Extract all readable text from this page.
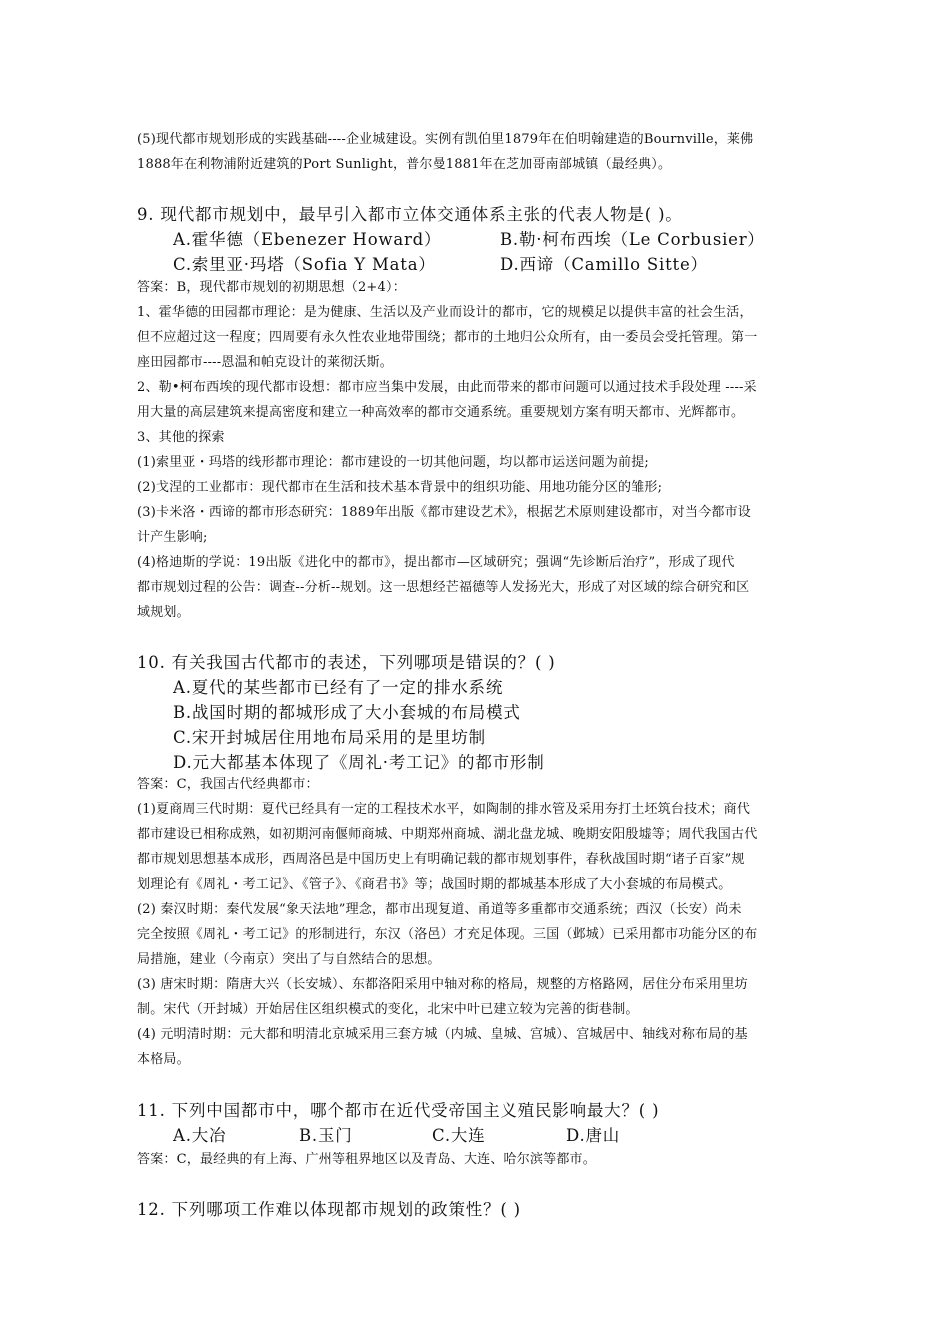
(5)现代都市规划形成的实践基础----企业城建设。实例有凯伯里1879年在伯明翰建造的Bournville，莱佛

1888年在利物浦附近建筑的Port Sunlight，普尔曼1881年在芝加哥南部城镇（最经典）。

9. 现代都市规划中，最早引入都市立体交通体系主张的代表人物是( )。

A.霍华德（Ebenezer Howard）	B.勒·柯布西埃（Le Corbusier）
C.索里亚·玛塔（Sofia Y Mata）	D.西谛（Camillo Sitte）

答案：B，现代都市规划的初期思想（2+4）：

1、霍华德的田园都市理论：是为健康、生活以及产业而设计的都市，它的规模足以提供丰富的社会生活，

但不应超过这一程度；四周要有永久性农业地带围绕；都市的土地归公众所有，由一委员会受托管理。第一

座田园都市----恩温和帕克设计的莱彻沃斯。

2、勒•柯布西埃的现代都市设想：都市应当集中发展，由此而带来的都市问题可以通过技术手段处理 ----采

用大量的高层建筑来提高密度和建立一种高效率的都市交通系统。重要规划方案有明天都市、光辉都市。

3、其他的探索

(1)索里亚・玛塔的线形都市理论：都市建设的一切其他问题，均以都市运送问题为前提;

(2)戈涅的工业都市：现代都市在生活和技术基本背景中的组织功能、用地功能分区的雏形;

(3)卡米洛・西谛的都市形态研究：1889年出版《都市建设艺术》，根据艺术原则建设都市，对当今都市设

计产生影响;

(4)格迪斯的学说：19出版《进化中的都市》，提出都市—区域研究；强调“先诊断后治疗”，形成了现代

都市规划过程的公告：调查--分析--规划。这一思想经芒福德等人发扬光大，形成了对区域的综合研究和区

域规划。

10. 有关我国古代都市的表述，下列哪项是错误的？( )

A.夏代的某些都市已经有了一定的排水系统

B.战国时期的都城形成了大小套城的布局模式

C.宋开封城居住用地布局采用的是里坊制

D.元大都基本体现了《周礼·考工记》的都市形制

答案：C，我国古代经典都市：

(1)夏商周三代时期：夏代已经具有一定的工程技术水平，如陶制的排水管及采用夯打土坯筑台技术；商代

都市建设已相称成熟，如初期河南偃师商城、中期郑州商城、湖北盘龙城、晚期安阳殷墟等；周代我国古代

都市规划思想基本成形，西周洛邑是中国历史上有明确记载的都市规划事件，春秋战国时期“诸子百家”规

划理论有《周礼・考工记》、《管子》、《商君书》等；战国时期的都城基本形成了大小套城的布局模式。

(2) 秦汉时期：秦代发展“象天法地”理念，都市出现复道、甬道等多重都市交通系统；西汉（长安）尚未

完全按照《周礼・考工记》的形制进行，东汉（洛邑）才充足体现。三国（邺城）已采用都市功能分区的布

局措施，建业（今南京）突出了与自然结合的思想。

(3) 唐宋时期：隋唐大兴（长安城）、东都洛阳采用中轴对称的格局，规整的方格路网，居住分布采用里坊

制。宋代（开封城）开始居住区组织模式的变化，北宋中叶已建立较为完善的街巷制。

(4) 元明清时期：元大都和明清北京城采用三套方城（内城、皇城、宫城）、宫城居中、轴线对称布局的基

本格局。

11. 下列中国都市中，哪个都市在近代受帝国主义殖民影响最大？( )

A.大冶	B.玉门	C.大连	D.唐山

答案：C，最经典的有上海、广州等租界地区以及青岛、大连、哈尔滨等都市。

12. 下列哪项工作难以体现都市规划的政策性？( )
